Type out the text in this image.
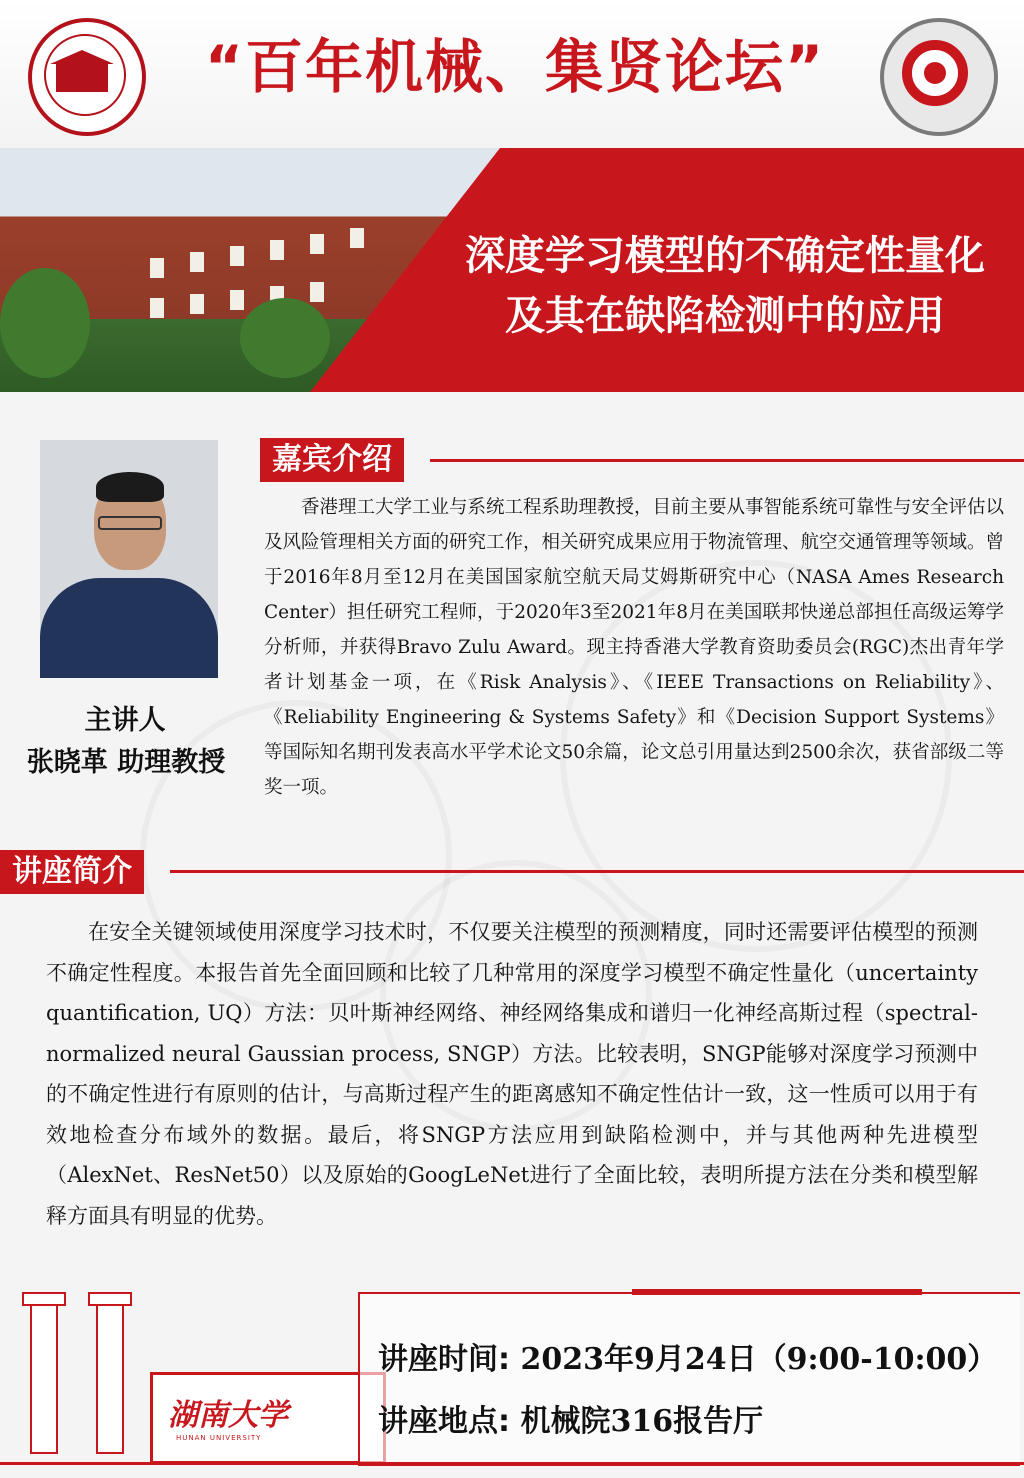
“百年机械、集贤论坛”
深度学习模型的不确定性量化
及其在缺陷检测中的应用
主讲人
张晓革 助理教授
嘉宾介绍

香港理工大学工业与系统工程系助理教授，目前主要从事智能系统可靠性与安全评估以及风险管理相关方面的研究工作，相关研究成果应用于物流管理、航空交通管理等领域。曾于2016年8月至12月在美国国家航空航天局艾姆斯研究中心（NASA Ames Research Center）担任研究工程师，于2020年3至2021年8月在美国联邦快递总部担任高级运筹学分析师，并获得Bravo Zulu Award。现主持香港大学教育资助委员会(RGC)杰出青年学者计划基金一项，在《Risk Analysis》、《IEEE Transactions on Reliability》、《Reliability Engineering & Systems Safety》和《Decision Support Systems》等国际知名期刊发表高水平学术论文50余篇，论文总引用量达到2500余次，获省部级二等奖一项。

讲座简介

在安全关键领域使用深度学习技术时，不仅要关注模型的预测精度，同时还需要评估模型的预测不确定性程度。本报告首先全面回顾和比较了几种常用的深度学习模型不确定性量化（uncertainty quantification, UQ）方法：贝叶斯神经网络、神经网络集成和谱归一化神经高斯过程（spectral-normalized neural Gaussian process, SNGP）方法。比较表明，SNGP能够对深度学习预测中的不确定性进行有原则的估计，与高斯过程产生的距离感知不确定性估计一致，这一性质可以用于有效地检查分布域外的数据。最后，将SNGP方法应用到缺陷检测中，并与其他两种先进模型（AlexNet、ResNet50）以及原始的GoogLeNet进行了全面比较，表明所提方法在分类和模型解释方面具有明显的优势。

湖南大学
HUNAN UNIVERSITY
讲座时间: 2023年9月24日（9:00-10:00）
讲座地点: 机械院316报告厅
